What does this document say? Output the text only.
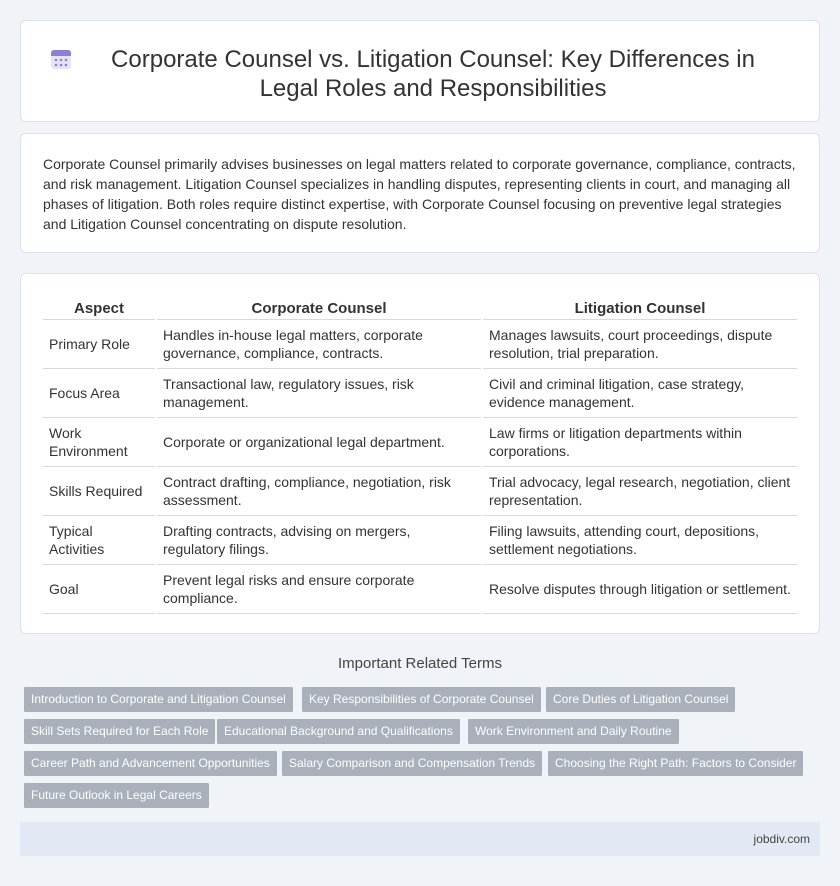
Corporate Counsel vs. Litigation Counsel: Key Differences in Legal Roles and Responsibilities

Corporate Counsel primarily advises businesses on legal matters related to corporate governance, compliance, contracts, and risk management. Litigation Counsel specializes in handling disputes, representing clients in court, and managing all phases of litigation. Both roles require distinct expertise, with Corporate Counsel focusing on preventive legal strategies and Litigation Counsel concentrating on dispute resolution.

Aspect	Corporate Counsel	Litigation Counsel
Primary Role	Handles in-house legal matters, corporate governance, compliance, contracts.	Manages lawsuits, court proceedings, dispute resolution, trial preparation.
Focus Area	Transactional law, regulatory issues, risk management.	Civil and criminal litigation, case strategy, evidence management.
Work Environment	Corporate or organizational legal department.	Law firms or litigation departments within corporations.
Skills Required	Contract drafting, compliance, negotiation, risk assessment.	Trial advocacy, legal research, negotiation, client representation.
Typical Activities	Drafting contracts, advising on mergers, regulatory filings.	Filing lawsuits, attending court, depositions, settlement negotiations.
Goal	Prevent legal risks and ensure corporate compliance.	Resolve disputes through litigation or settlement.
Important Related Terms
Introduction to Corporate and Litigation Counsel	Key Responsibilities of Corporate Counsel	Core Duties of Litigation Counsel
Skill Sets Required for Each Role	Educational Background and Qualifications	Work Environment and Daily Routine
Career Path and Advancement Opportunities	Salary Comparison and Compensation Trends	Choosing the Right Path: Factors to Consider
Future Outlook in Legal Careers
jobdiv.com
